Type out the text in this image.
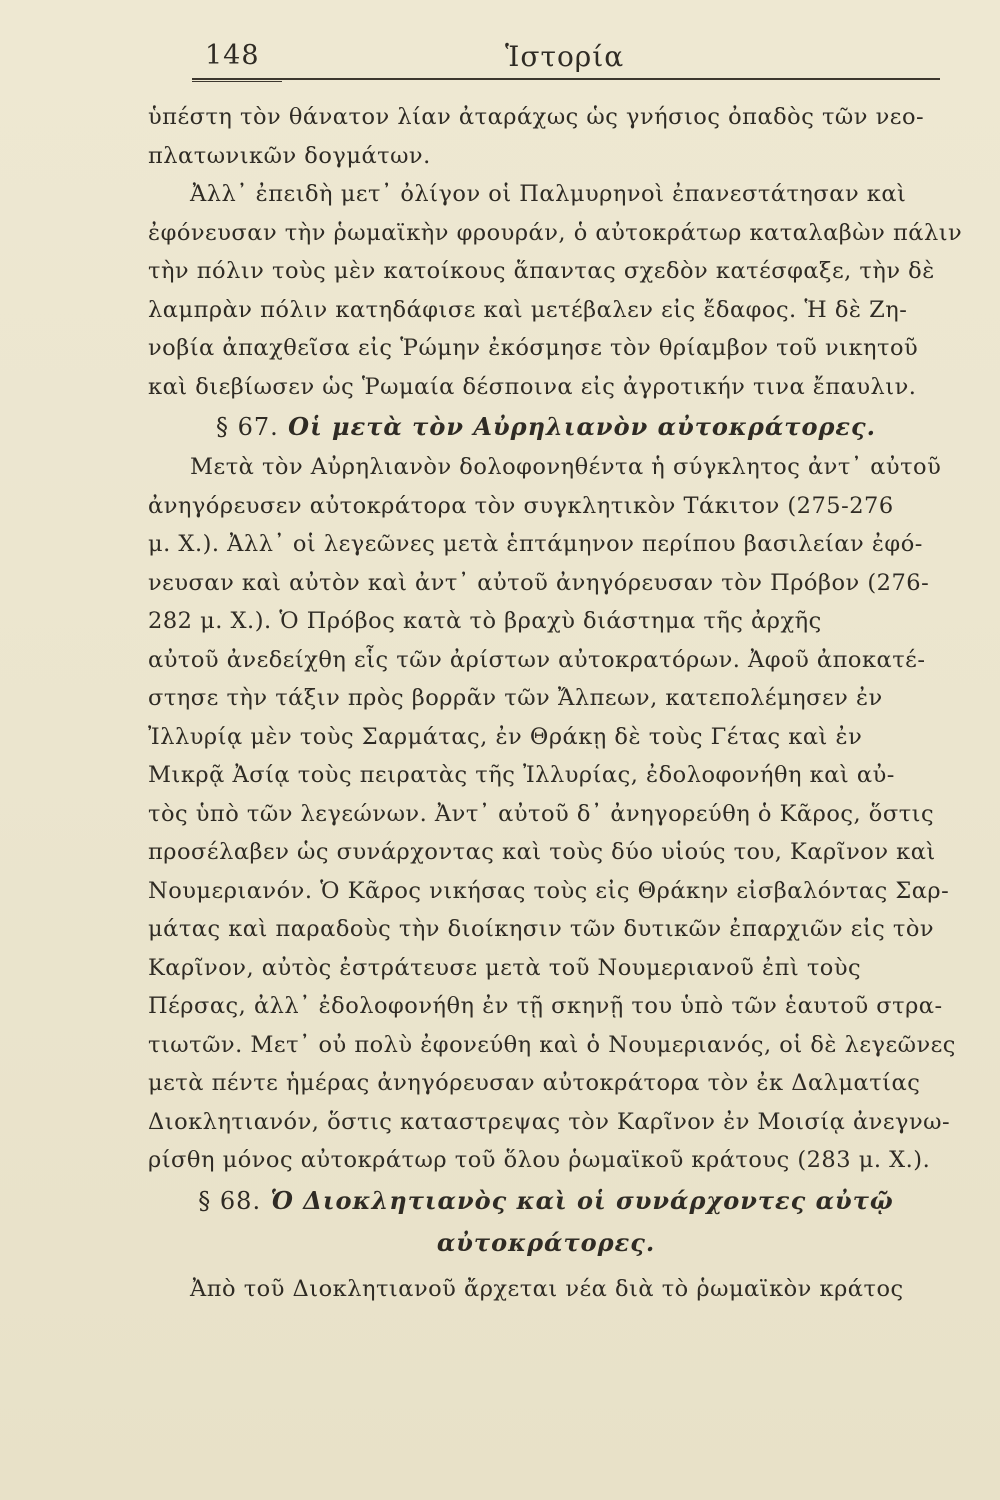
148	Ἱστορία
ὑπέστη τὸν θάνατον λίαν ἀταράχως ὡς γνήσιος ὀπαδὸς τῶν νεο-
πλατωνικῶν δογμάτων.
Ἀλλ᾽ ἐπειδὴ μετ᾽ ὀλίγον οἱ Παλμυρηνοὶ ἐπανεστάτησαν καὶ
ἐφόνευσαν τὴν ῥωμαϊκὴν φρουράν, ὁ αὐτοκράτωρ καταλαβὼν πάλιν
τὴν πόλιν τοὺς μὲν κατοίκους ἅπαντας σχεδὸν κατέσφαξε, τὴν δὲ
λαμπρὰν πόλιν κατηδάφισε καὶ μετέβαλεν εἰς ἔδαφος. Ἡ δὲ Ζη-
νοβία ἀπαχθεῖσα εἰς Ῥώμην ἐκόσμησε τὸν θρίαμβον τοῦ νικητοῦ
καὶ διεβίωσεν ὡς Ῥωμαία δέσποινα εἰς ἀγροτικήν τινα ἔπαυλιν.
§ 67. Οἱ μετὰ τὸν Αὐρηλιανὸν αὐτοκράτορες.
Μετὰ τὸν Αὐρηλιανὸν δολοφονηθέντα ἡ σύγκλητος ἀντ᾽ αὐτοῦ
ἀνηγόρευσεν αὐτοκράτορα τὸν συγκλητικὸν Τάκιτον (275-276
μ. Χ.). Ἀλλ᾽ οἱ λεγεῶνες μετὰ ἑπτάμηνον περίπου βασιλείαν ἐφό-
νευσαν καὶ αὐτὸν καὶ ἀντ᾽ αὐτοῦ ἀνηγόρευσαν τὸν Πρόβον (276-
282 μ. Χ.). Ὁ Πρόβος κατὰ τὸ βραχὺ διάστημα τῆς ἀρχῆς
αὐτοῦ ἀνεδείχθη εἷς τῶν ἀρίστων αὐτοκρατόρων. Ἀφοῦ ἀποκατέ-
στησε τὴν τάξιν πρὸς βορρᾶν τῶν Ἄλπεων, κατεπολέμησεν ἐν
Ἰλλυρίᾳ μὲν τοὺς Σαρμάτας, ἐν Θράκῃ δὲ τοὺς Γέτας καὶ ἐν
Μικρᾷ Ἀσίᾳ τοὺς πειρατὰς τῆς Ἰλλυρίας, ἐδολοφονήθη καὶ αὐ-
τὸς ὑπὸ τῶν λεγεώνων. Ἀντ᾽ αὐτοῦ δ᾽ ἀνηγορεύθη ὁ Κᾶρος, ὅστις
προσέλαβεν ὡς συνάρχοντας καὶ τοὺς δύο υἱούς του, Καρῖνον καὶ
Νουμεριανόν. Ὁ Κᾶρος νικήσας τοὺς εἰς Θράκην εἰσβαλόντας Σαρ-
μάτας καὶ παραδοὺς τὴν διοίκησιν τῶν δυτικῶν ἐπαρχιῶν εἰς τὸν
Καρῖνον, αὐτὸς ἐστράτευσε μετὰ τοῦ Νουμεριανοῦ ἐπὶ τοὺς
Πέρσας, ἀλλ᾽ ἐδολοφονήθη ἐν τῇ σκηνῇ του ὑπὸ τῶν ἑαυτοῦ στρα-
τιωτῶν. Μετ᾽ οὐ πολὺ ἐφονεύθη καὶ ὁ Νουμεριανός, οἱ δὲ λεγεῶνες
μετὰ πέντε ἡμέρας ἀνηγόρευσαν αὐτοκράτορα τὸν ἐκ Δαλματίας
Διοκλητιανόν, ὅστις καταστρεψας τὸν Καρῖνον ἐν Μοισίᾳ ἀνεγνω-
ρίσθη μόνος αὐτοκράτωρ τοῦ ὅλου ῥωμαϊκοῦ κράτους (283 μ. Χ.).
§ 68. Ὁ Διοκλητιανὸς καὶ οἱ συνάρχοντες αὐτῷ
αὐτοκράτορες.
Ἀπὸ τοῦ Διοκλητιανοῦ ἄρχεται νέα διὰ τὸ ῥωμαϊκὸν κράτος
